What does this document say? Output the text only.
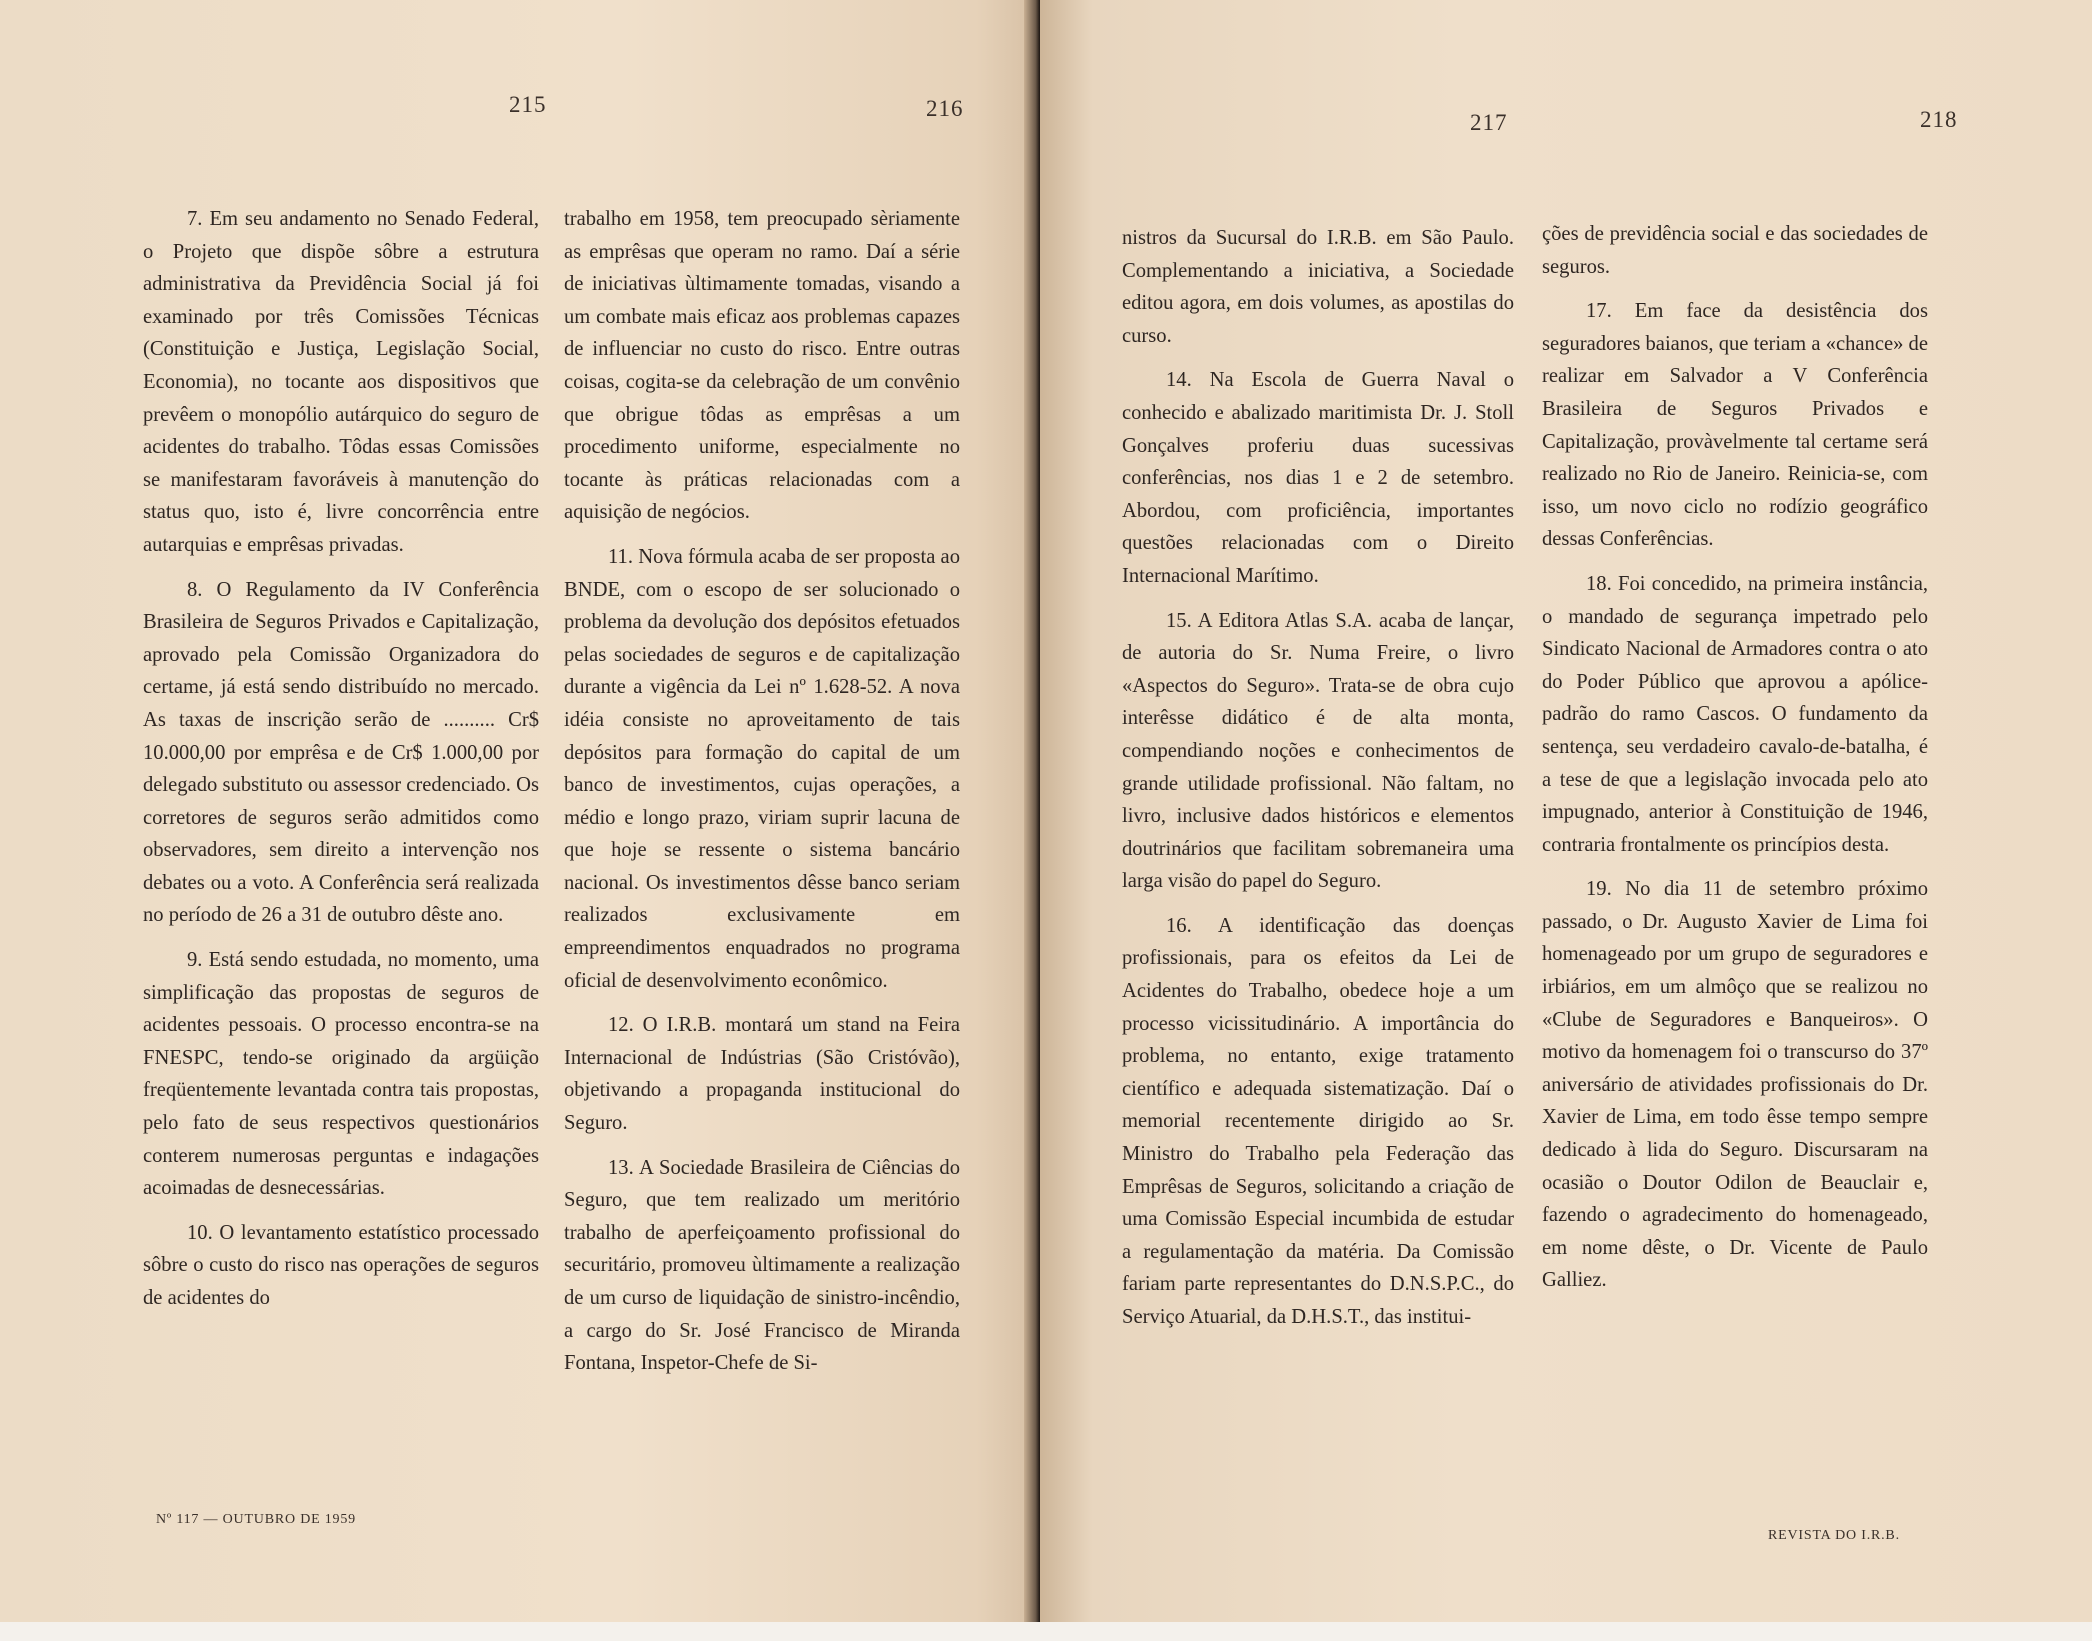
215	216

7. Em seu andamento no Senado Federal, o Projeto que dispõe sôbre a estrutura administrativa da Previdência Social já foi examinado por três Comissões Técnicas (Constituição e Justiça, Legislação Social, Economia), no tocante aos dispositivos que prevêem o monopólio autárquico do seguro de acidentes do trabalho. Tôdas essas Comissões se manifestaram favoráveis à manutenção do status quo, isto é, livre concorrência entre autarquias e emprêsas privadas.

8. O Regulamento da IV Conferência Brasileira de Seguros Privados e Capitalização, aprovado pela Comissão Organizadora do certame, já está sendo distribuído no mercado. As taxas de inscrição serão de .......... Cr$ 10.000,00 por emprêsa e de Cr$ 1.000,00 por delegado substituto ou assessor credenciado. Os corretores de seguros serão admitidos como observadores, sem direito a intervenção nos debates ou a voto. A Conferência será realizada no período de 26 a 31 de outubro dêste ano.

9. Está sendo estudada, no momento, uma simplificação das propostas de seguros de acidentes pessoais. O processo encontra-se na FNESPC, tendo-se originado da argüição freqüentemente levantada contra tais propostas, pelo fato de seus respectivos questionários conterem numerosas perguntas e indagações acoimadas de desnecessárias.

10. O levantamento estatístico processado sôbre o custo do risco nas operações de seguros de acidentes do

trabalho em 1958, tem preocupado sèriamente as emprêsas que operam no ramo. Daí a série de iniciativas ùltimamente tomadas, visando a um combate mais eficaz aos problemas capazes de influenciar no custo do risco. Entre outras coisas, cogita-se da celebração de um convênio que obrigue tôdas as emprêsas a um procedimento uniforme, especialmente no tocante às práticas relacionadas com a aquisição de negócios.

11. Nova fórmula acaba de ser proposta ao BNDE, com o escopo de ser solucionado o problema da devolução dos depósitos efetuados pelas sociedades de seguros e de capitalização durante a vigência da Lei nº 1.628-52. A nova idéia consiste no aproveitamento de tais depósitos para formação do capital de um banco de investimentos, cujas operações, a médio e longo prazo, viriam suprir lacuna de que hoje se ressente o sistema bancário nacional. Os investimentos dêsse banco seriam realizados exclusivamente em empreendimentos enquadrados no programa oficial de desenvolvimento econômico.

12. O I.R.B. montará um stand na Feira Internacional de Indústrias (São Cristóvão), objetivando a propaganda institucional do Seguro.

13. A Sociedade Brasileira de Ciências do Seguro, que tem realizado um meritório trabalho de aperfeiçoamento profissional do securitário, promoveu ùltimamente a realização de um curso de liquidação de sinistro-incêndio, a cargo do Sr. José Francisco de Miranda Fontana, Inspetor-Chefe de Si-

Nº 117 — OUTUBRO DE 1959
217	218

nistros da Sucursal do I.R.B. em São Paulo. Complementando a iniciativa, a Sociedade editou agora, em dois volumes, as apostilas do curso.

14. Na Escola de Guerra Naval o conhecido e abalizado maritimista Dr. J. Stoll Gonçalves proferiu duas sucessivas conferências, nos dias 1 e 2 de setembro. Abordou, com proficiência, importantes questões relacionadas com o Direito Internacional Marítimo.

15. A Editora Atlas S.A. acaba de lançar, de autoria do Sr. Numa Freire, o livro «Aspectos do Seguro». Trata-se de obra cujo interêsse didático é de alta monta, compendiando noções e conhecimentos de grande utilidade profissional. Não faltam, no livro, inclusive dados históricos e elementos doutrinários que facilitam sobremaneira uma larga visão do papel do Seguro.

16. A identificação das doenças profissionais, para os efeitos da Lei de Acidentes do Trabalho, obedece hoje a um processo vicissitudinário. A importância do problema, no entanto, exige tratamento científico e adequada sistematização. Daí o memorial recentemente dirigido ao Sr. Ministro do Trabalho pela Federação das Emprêsas de Seguros, solicitando a criação de uma Comissão Especial incumbida de estudar a regulamentação da matéria. Da Comissão fariam parte representantes do D.N.S.P.C., do Serviço Atuarial, da D.H.S.T., das institui-

ções de previdência social e das sociedades de seguros.

17. Em face da desistência dos seguradores baianos, que teriam a «chance» de realizar em Salvador a V Conferência Brasileira de Seguros Privados e Capitalização, provàvelmente tal certame será realizado no Rio de Janeiro. Reinicia-se, com isso, um novo ciclo no rodízio geográfico dessas Conferências.

18. Foi concedido, na primeira instância, o mandado de segurança impetrado pelo Sindicato Nacional de Armadores contra o ato do Poder Público que aprovou a apólice-padrão do ramo Cascos. O fundamento da sentença, seu verdadeiro cavalo-de-batalha, é a tese de que a legislação invocada pelo ato impugnado, anterior à Constituição de 1946, contraria frontalmente os princípios desta.

19. No dia 11 de setembro próximo passado, o Dr. Augusto Xavier de Lima foi homenageado por um grupo de seguradores e irbiários, em um almôço que se realizou no «Clube de Seguradores e Banqueiros». O motivo da homenagem foi o transcurso do 37º aniversário de atividades profissionais do Dr. Xavier de Lima, em todo êsse tempo sempre dedicado à lida do Seguro. Discursaram na ocasião o Doutor Odilon de Beauclair e, fazendo o agradecimento do homenageado, em nome dêste, o Dr. Vicente de Paulo Galliez.

REVISTA DO I.R.B.
